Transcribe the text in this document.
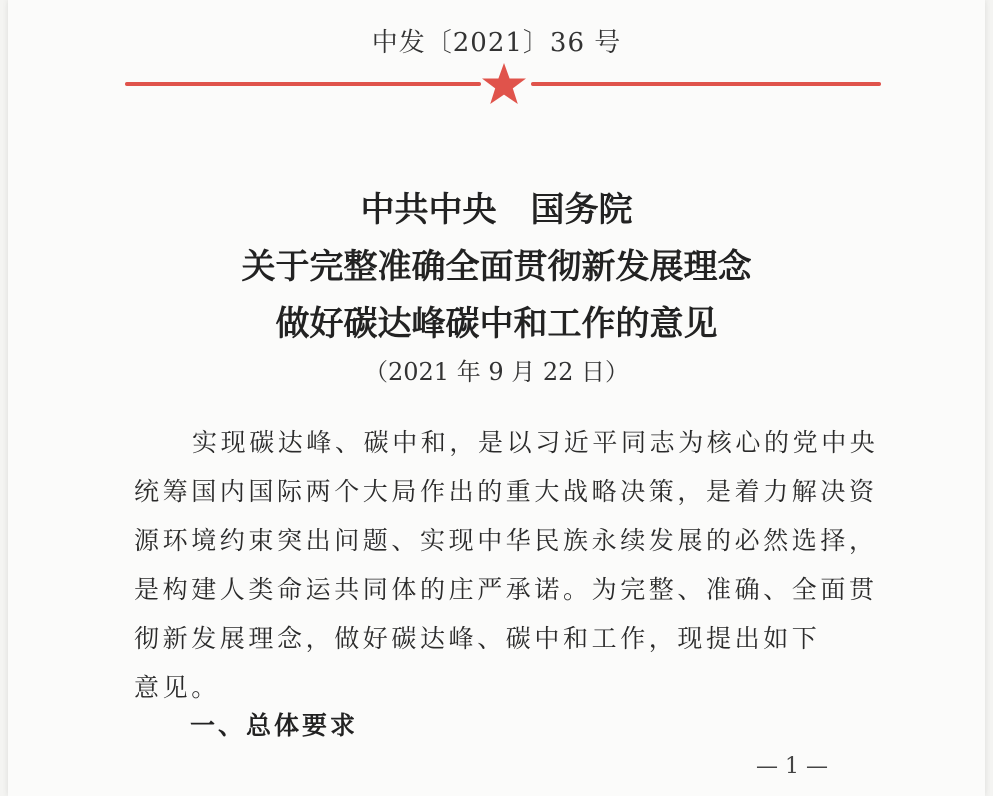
中发〔2021〕36 号
中共中央　国务院
关于完整准确全面贯彻新发展理念
做好碳达峰碳中和工作的意见
（2021 年 9 月 22 日）
实现碳达峰、碳中和，是以习近平同志为核心的党中央
统筹国内国际两个大局作出的重大战略决策，是着力解决资
源环境约束突出问题、实现中华民族永续发展的必然选择，
是构建人类命运共同体的庄严承诺。为完整、准确、全面贯
彻新发展理念，做好碳达峰、碳中和工作，现提出如下
意见。
一、总体要求
— 1 —
